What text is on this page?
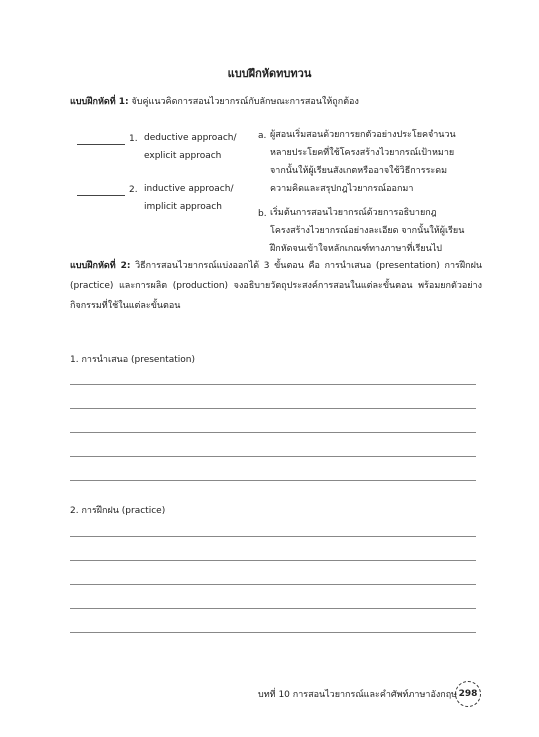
แบบฝึกหัดทบทวน
แบบฝึกหัดที่ 1: จับคู่แนวคิดการสอนไวยากรณ์กับลักษณะการสอนให้ถูกต้อง
1. deductive approach/
explicit approach
2. inductive approach/
implicit approach
a. ผู้สอนเริ่มสอนด้วยการยกตัวอย่างประโยคจำนวน
หลายประโยคที่ใช้โครงสร้างไวยากรณ์เป้าหมาย
จากนั้นให้ผู้เรียนสังเกตหรืออาจใช้วิธีการระดม
ความคิดและสรุปกฎไวยากรณ์ออกมา
b. เริ่มต้นการสอนไวยากรณ์ด้วยการอธิบายกฎ
โครงสร้างไวยากรณ์อย่างละเอียด จากนั้นให้ผู้เรียน
ฝึกหัดจนเข้าใจหลักเกณฑ์ทางภาษาที่เรียนไป
แบบฝึกหัดที่ 2: วิธีการสอนไวยากรณ์แบ่งออกได้ 3 ขั้นตอน คือ การนำเสนอ (presentation) การฝึกฝน (practice) และการผลิต (production) จงอธิบายวัตถุประสงค์การสอนในแต่ละขั้นตอน พร้อมยกตัวอย่างกิจกรรมที่ใช้ในแต่ละขั้นตอน
1. การนำเสนอ (presentation)
2. การฝึกฝน (practice)
บทที่ 10 การสอนไวยากรณ์และคำศัพท์ภาษาอังกฤษ 298
